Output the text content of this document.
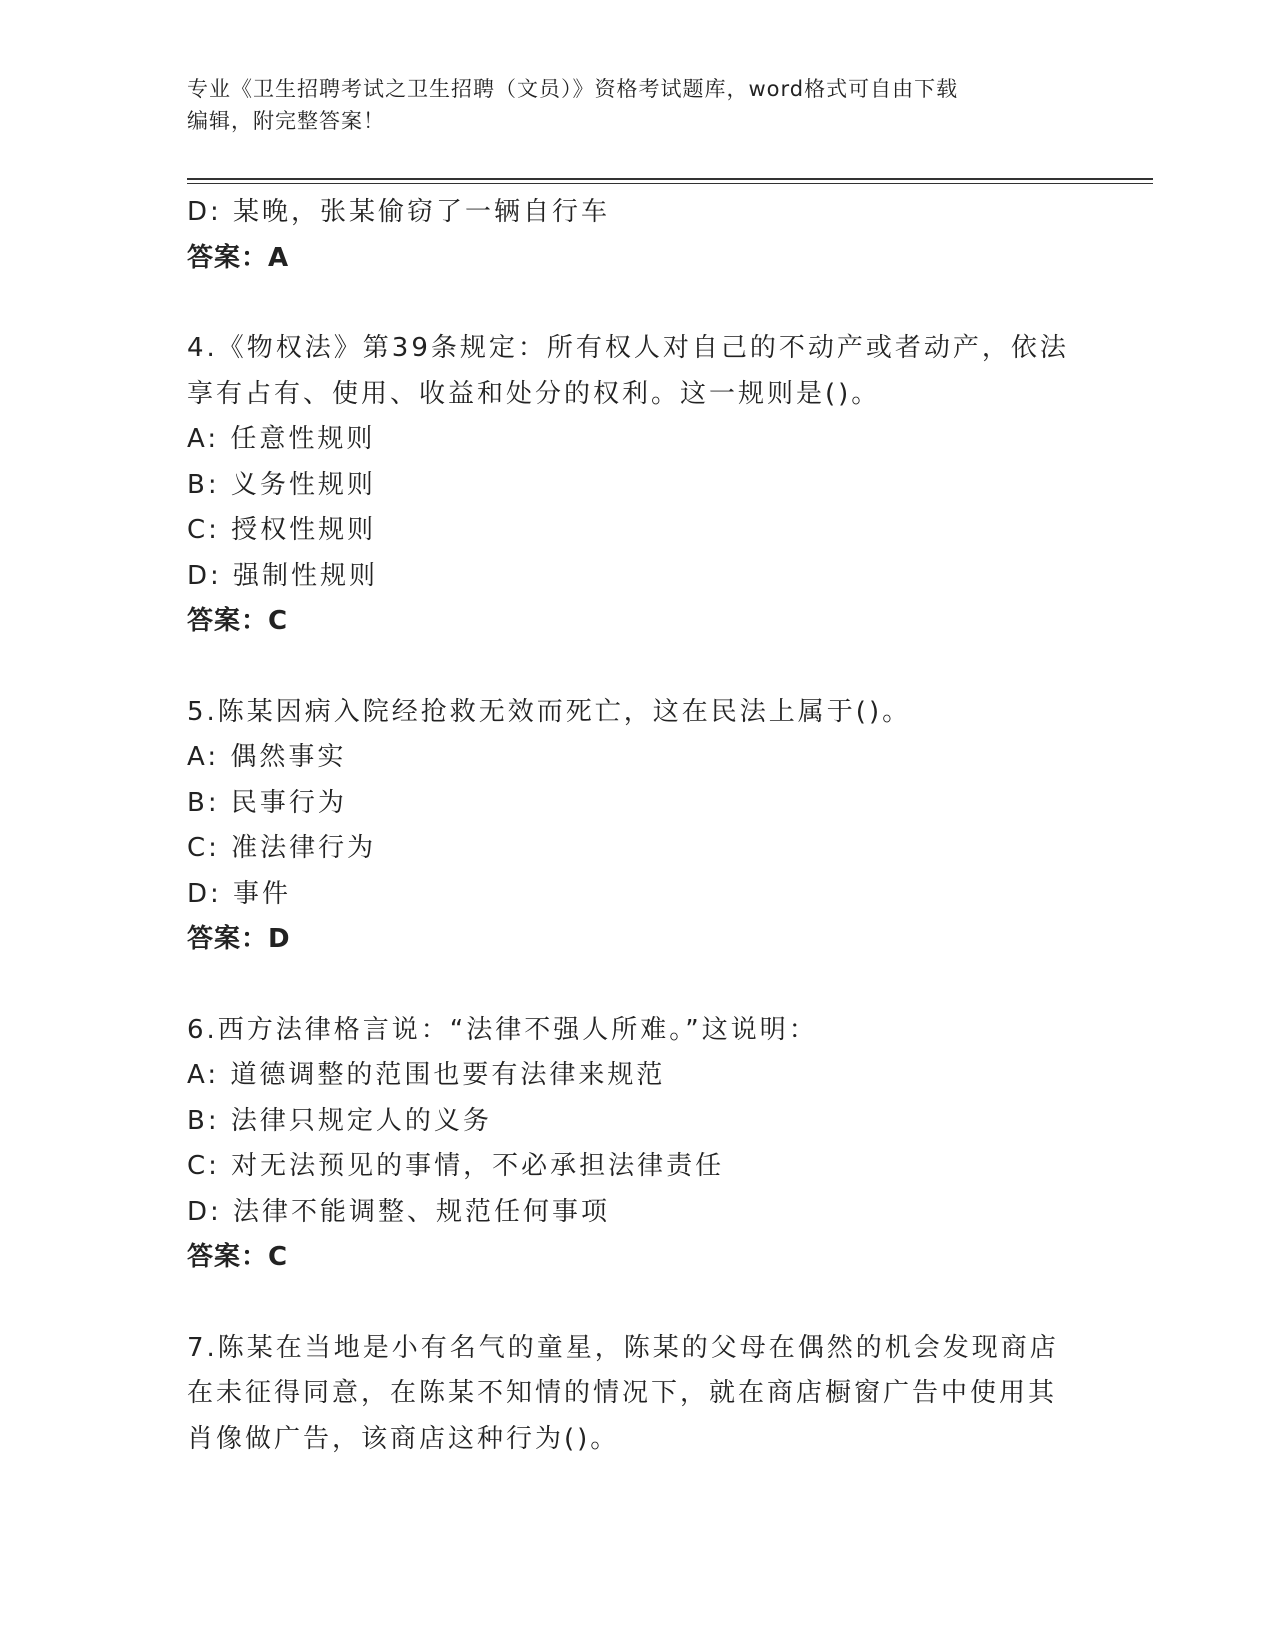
专业《卫生招聘考试之卫生招聘（文员）》资格考试题库，word格式可自由下载
编辑，附完整答案！
D: 某晚，张某偷窃了一辆自行车
答案：A
4.《物权法》第39条规定：所有权人对自己的不动产或者动产，依法
享有占有、使用、收益和处分的权利。这一规则是()。
A: 任意性规则
B: 义务性规则
C: 授权性规则
D: 强制性规则
答案：C
5.陈某因病入院经抢救无效而死亡，这在民法上属于()。
A: 偶然事实
B: 民事行为
C: 准法律行为
D: 事件
答案：D
6.西方法律格言说：“法律不强人所难。”这说明：
A: 道德调整的范围也要有法律来规范
B: 法律只规定人的义务
C: 对无法预见的事情，不必承担法律责任
D: 法律不能调整、规范任何事项
答案：C
7.陈某在当地是小有名气的童星，陈某的父母在偶然的机会发现商店
在未征得同意，在陈某不知情的情况下，就在商店橱窗广告中使用其
肖像做广告，该商店这种行为()。
